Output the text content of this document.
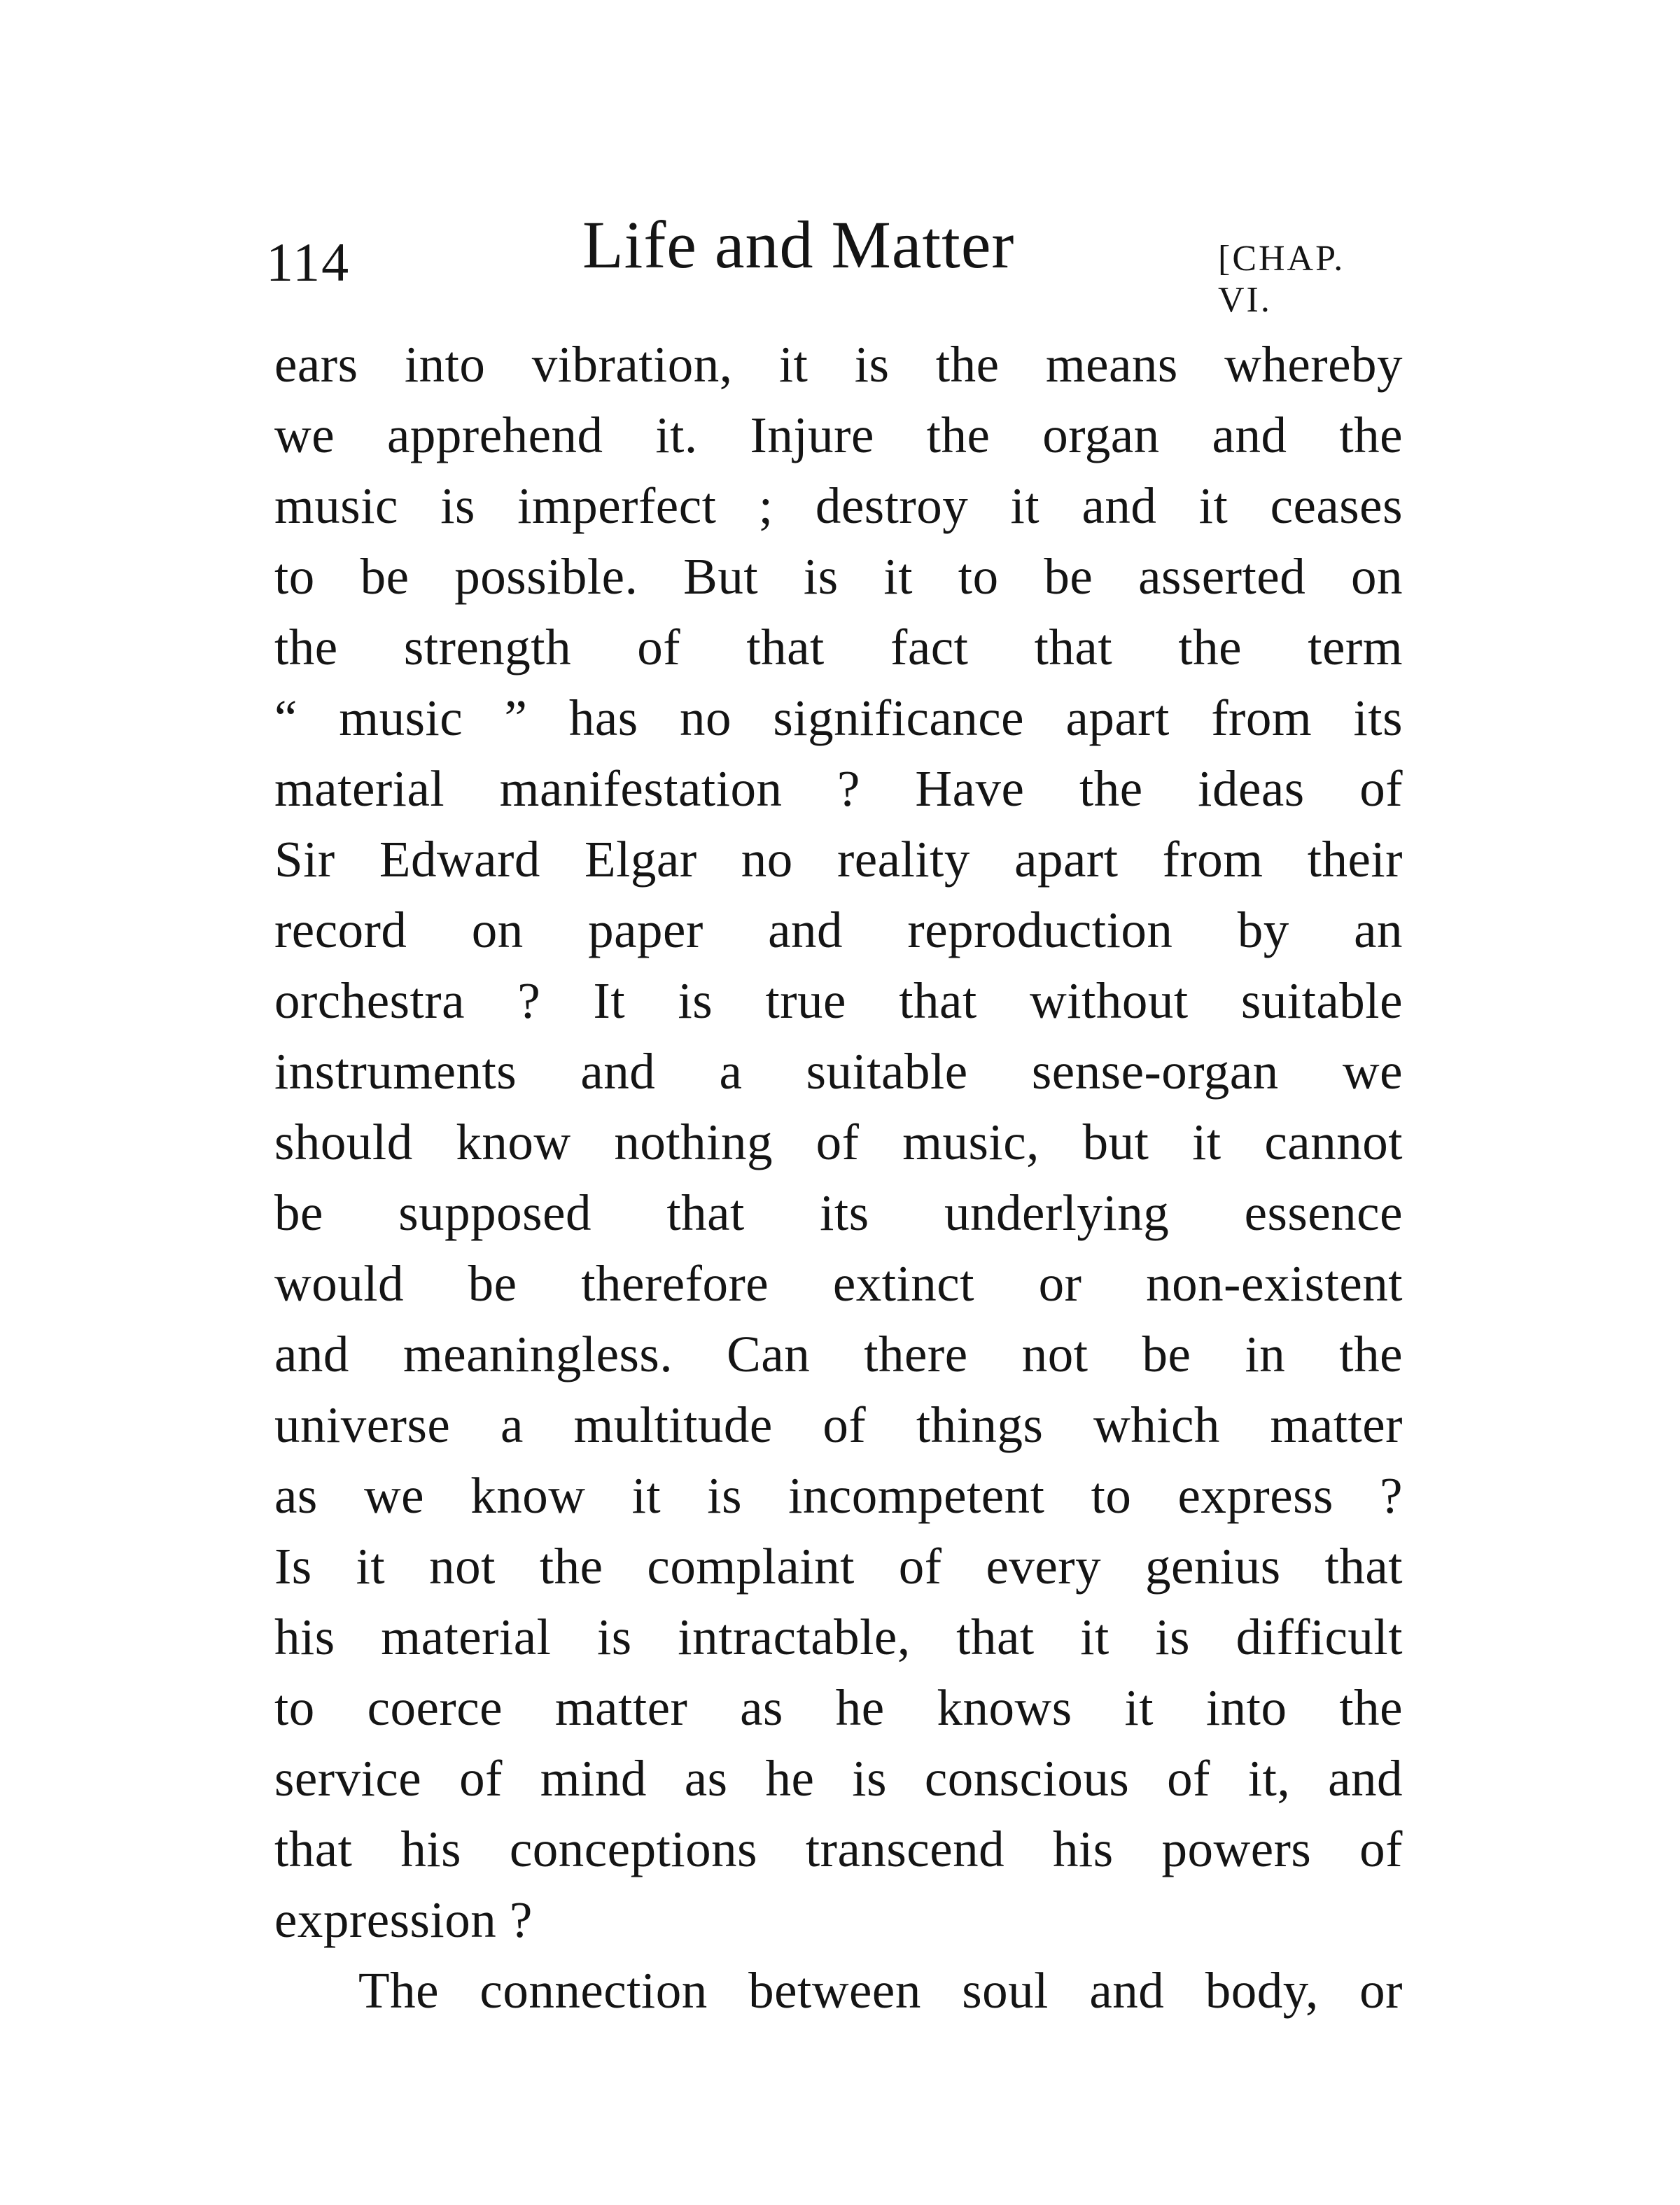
114	Life and Matter	[CHAP. VI.
ears into vibration, it is the means whereby
we apprehend it. Injure the organ and the
music is imperfect ; destroy it and it ceases
to be possible. But is it to be asserted on
the strength of that fact that the term
“ music ” has no significance apart from its
material manifestation ? Have the ideas of
Sir Edward Elgar no reality apart from their
record on paper and reproduction by an
orchestra ? It is true that without suitable
instruments and a suitable sense-organ we
should know nothing of music, but it cannot
be supposed that its underlying essence
would be therefore extinct or non-existent
and meaningless. Can there not be in the
universe a multitude of things which matter
as we know it is incompetent to express ?
Is it not the complaint of every genius that
his material is intractable, that it is difficult
to coerce matter as he knows it into the
service of mind as he is conscious of it, and
that his conceptions transcend his powers of
expression ?
The connection between soul and body, or
